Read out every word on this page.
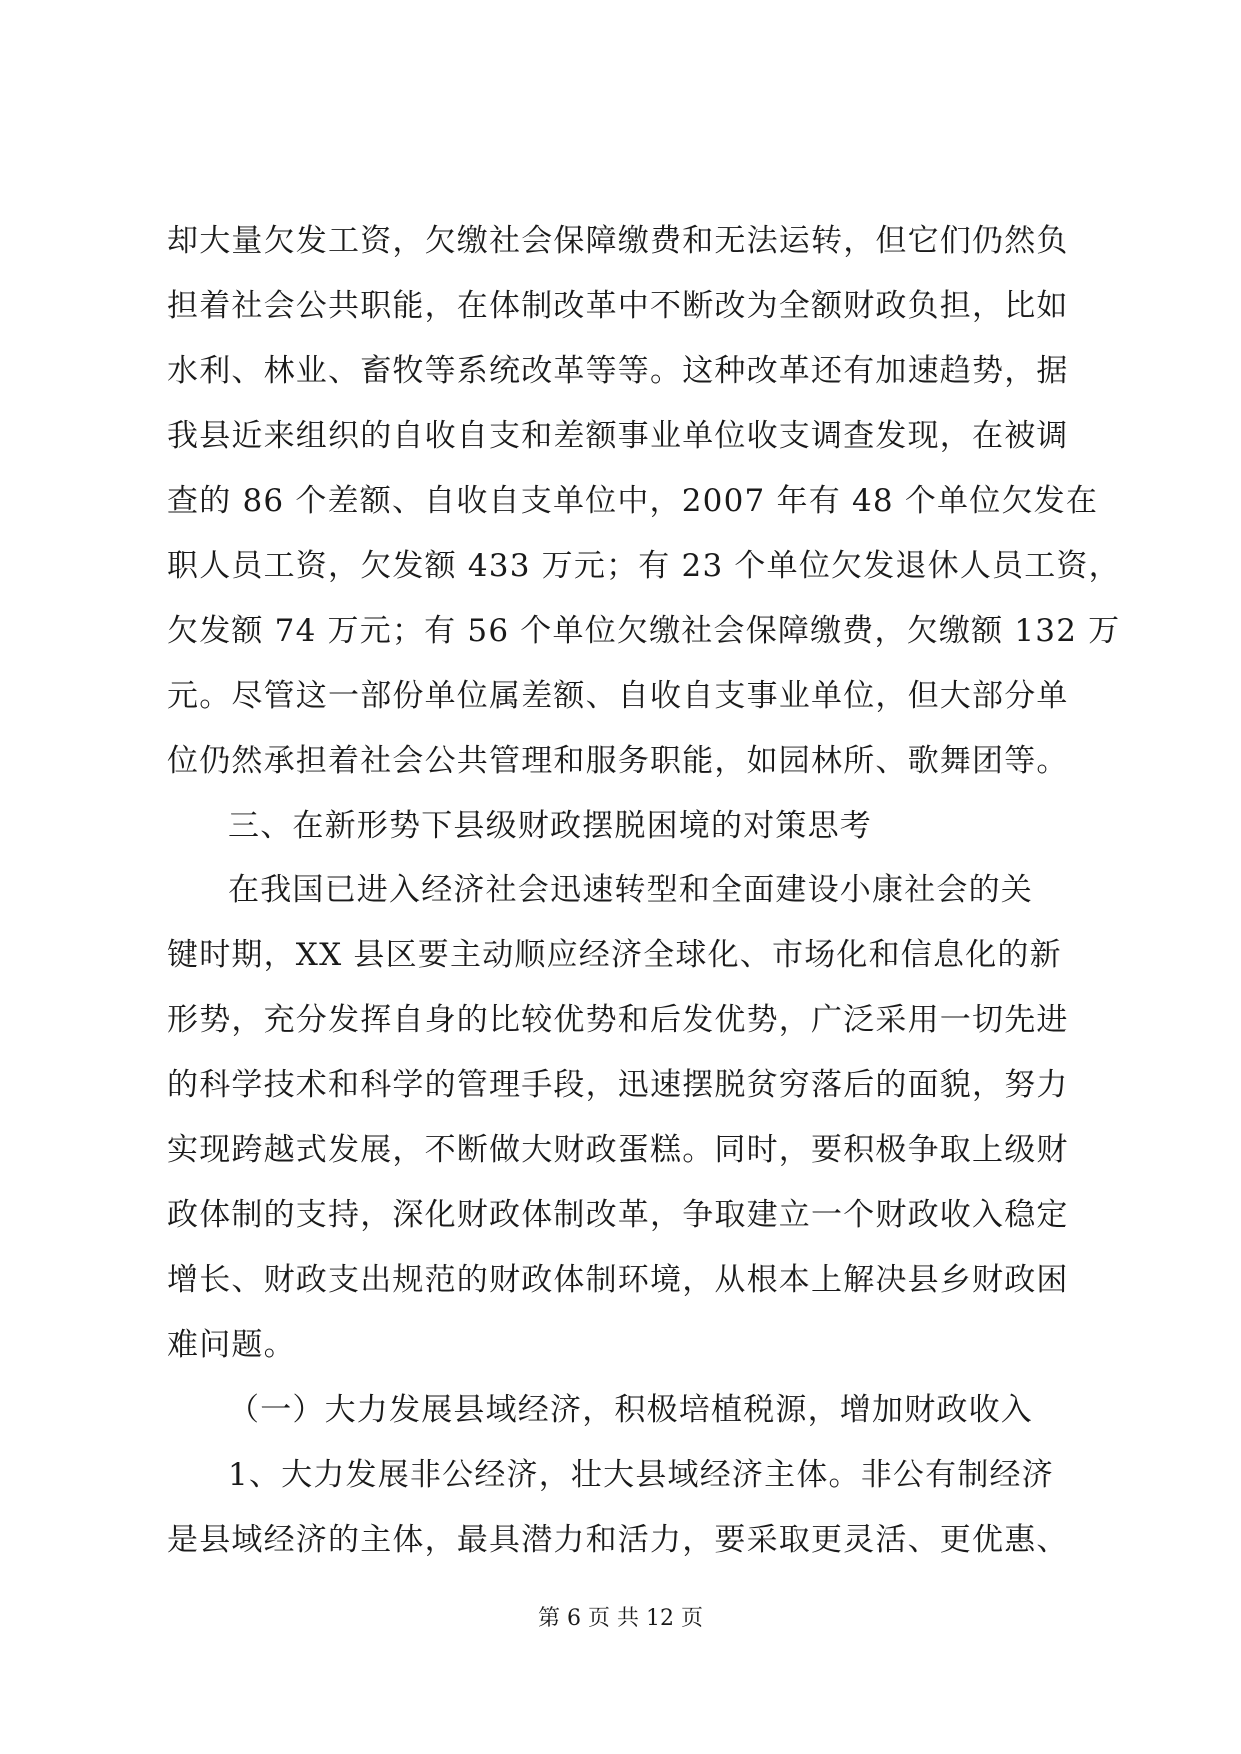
却大量欠发工资，欠缴社会保障缴费和无法运转，但它们仍然负
担着社会公共职能，在体制改革中不断改为全额财政负担，比如
水利、林业、畜牧等系统改革等等。这种改革还有加速趋势，据
我县近来组织的自收自支和差额事业单位收支调查发现，在被调
查的 86 个差额、自收自支单位中，2007 年有 48 个单位欠发在
职人员工资，欠发额 433 万元；有 23 个单位欠发退休人员工资，
欠发额 74 万元；有 56 个单位欠缴社会保障缴费，欠缴额 132 万
元。尽管这一部份单位属差额、自收自支事业单位，但大部分单
位仍然承担着社会公共管理和服务职能，如园林所、歌舞团等。
三、在新形势下县级财政摆脱困境的对策思考
在我国已进入经济社会迅速转型和全面建设小康社会的关
键时期，XX 县区要主动顺应经济全球化、市场化和信息化的新
形势，充分发挥自身的比较优势和后发优势，广泛采用一切先进
的科学技术和科学的管理手段，迅速摆脱贫穷落后的面貌，努力
实现跨越式发展，不断做大财政蛋糕。同时，要积极争取上级财
政体制的支持，深化财政体制改革，争取建立一个财政收入稳定
增长、财政支出规范的财政体制环境，从根本上解决县乡财政困
难问题。
（一）大力发展县域经济，积极培植税源，增加财政收入
1、大力发展非公经济，壮大县域经济主体。非公有制经济
是县域经济的主体，最具潜力和活力，要采取更灵活、更优惠、
第 6 页 共 12 页
